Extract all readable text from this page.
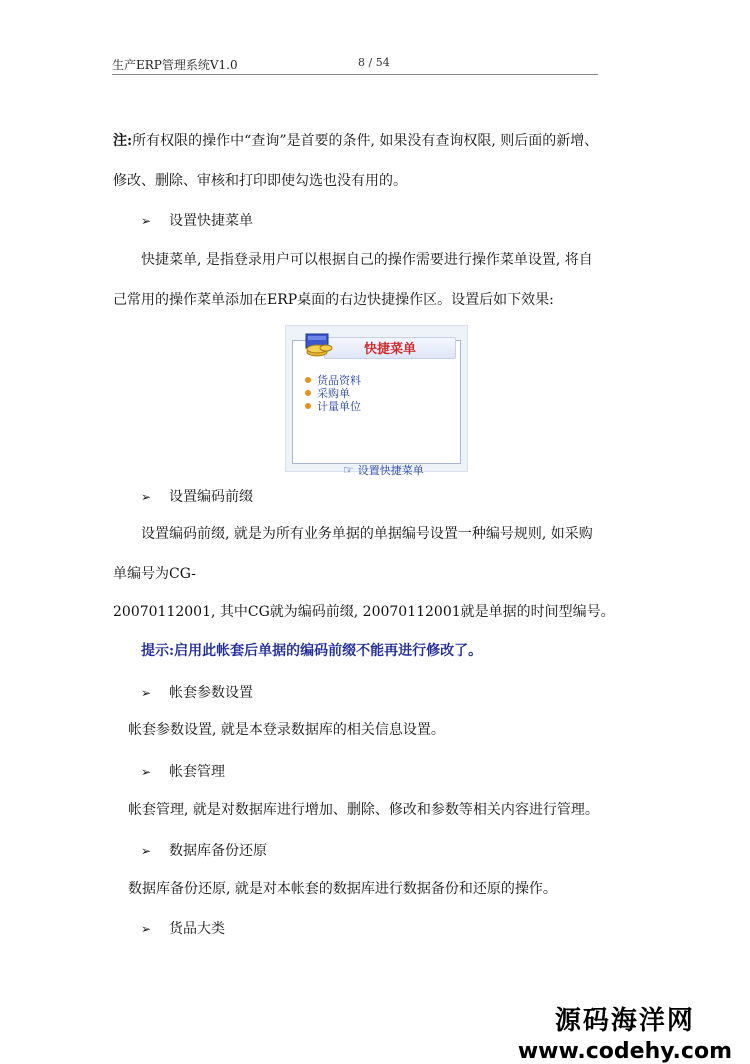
生产ERP管理系统V1.0	8 / 54
注:所有权限的操作中“查询”是首要的条件, 如果没有查询权限, 则后面的新增、
修改、删除、审核和打印即使勾选也没有用的。
➢ 设置快捷菜单
快捷菜单, 是指登录用户可以根据自己的操作需要进行操作菜单设置, 将自
己常用的操作菜单添加在ERP桌面的右边快捷操作区。设置后如下效果:
货品资料
采购单
计量单位
☞ 设置快捷菜单
快捷菜单
➢ 设置编码前缀
设置编码前缀, 就是为所有业务单据的单据编号设置一种编号规则, 如采购
单编号为CG-
20070112001, 其中CG就为编码前缀, 20070112001就是单据的时间型编号。
提示:启用此帐套后单据的编码前缀不能再进行修改了。
➢ 帐套参数设置
帐套参数设置, 就是本登录数据库的相关信息设置。
➢ 帐套管理
帐套管理, 就是对数据库进行增加、删除、修改和参数等相关内容进行管理。
➢ 数据库备份还原
数据库备份还原, 就是对本帐套的数据库进行数据备份和还原的操作。
➢ 货品大类
源码海洋网
www.codehy.com
